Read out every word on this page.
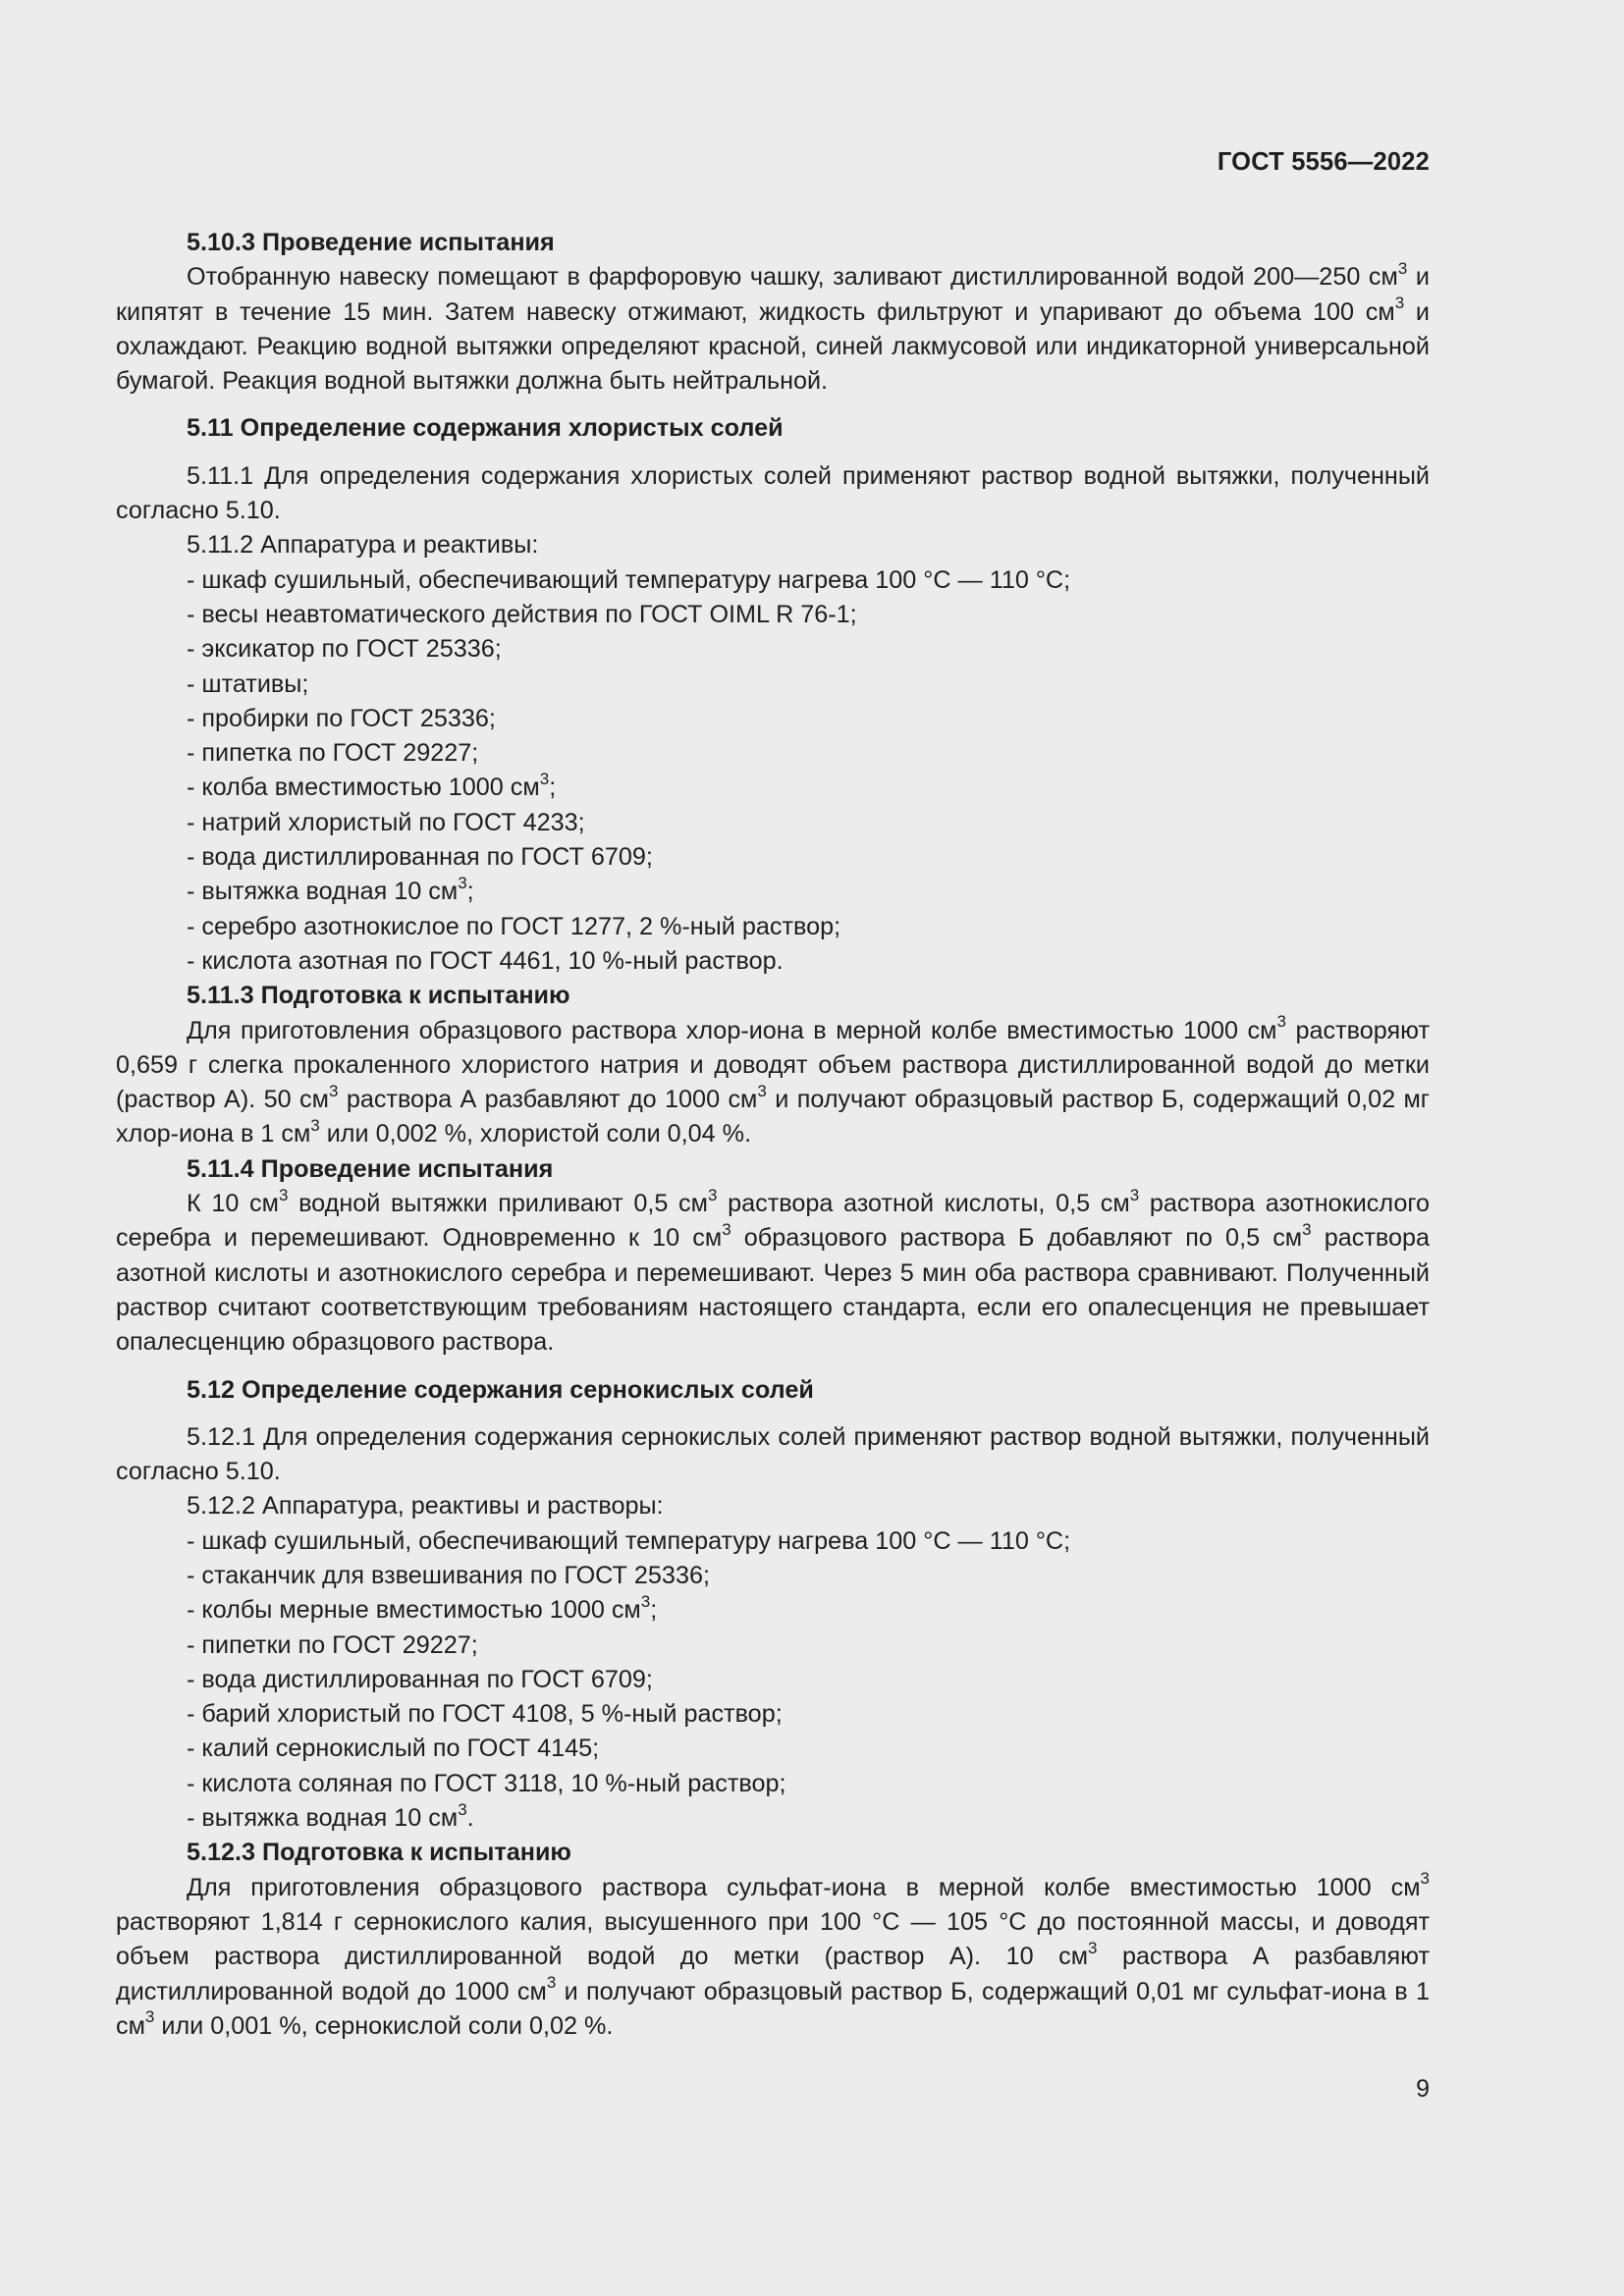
ГОСТ 5556—2022

5.10.3 Проведение испытания

Отобранную навеску помещают в фарфоровую чашку, заливают дистиллированной водой 200—250 $см^3$ и кипятят в течение 15 мин. Затем навеску отжимают, жидкость фильтруют и упаривают до объема 100 $см^3$ и охлаждают. Реакцию водной вытяжки определяют красной, синей лакмусовой или индикаторной универсальной бумагой. Реакция водной вытяжки должна быть нейтральной.

5.11 Определение содержания хлористых солей

5.11.1 Для определения содержания хлористых солей применяют раствор водной вытяжки, полученный согласно 5.10.

5.11.2 Аппаратура и реактивы:

- шкаф сушильный, обеспечивающий температуру нагрева 100 °C — 110 °C;

- весы неавтоматического действия по ГОСТ OIML R 76-1;

- эксикатор по ГОСТ 25336;

- штативы;

- пробирки по ГОСТ 25336;

- пипетка по ГОСТ 29227;

- колба вместимостью 1000 $см^3$;

- натрий хлористый по ГОСТ 4233;

- вода дистиллированная по ГОСТ 6709;

- вытяжка водная 10 $см^3$;

- серебро азотнокислое по ГОСТ 1277, 2 %-ный раствор;

- кислота азотная по ГОСТ 4461, 10 %-ный раствор.

5.11.3 Подготовка к испытанию

Для приготовления образцового раствора хлор-иона в мерной колбе вместимостью 1000 $см^3$ растворяют 0,659 г слегка прокаленного хлористого натрия и доводят объем раствора дистиллированной водой до метки (раствор А). 50 $см^3$ раствора А разбавляют до 1000 $см^3$ и получают образцовый раствор Б, содержащий 0,02 мг хлор-иона в 1 $см^3$ или 0,002 %, хлористой соли 0,04 %.

5.11.4 Проведение испытания

К 10 $см^3$ водной вытяжки приливают 0,5 $см^3$ раствора азотной кислоты, 0,5 $см^3$ раствора азотнокислого серебра и перемешивают. Одновременно к 10 $см^3$ образцового раствора Б добавляют по 0,5 $см^3$ раствора азотной кислоты и азотнокислого серебра и перемешивают. Через 5 мин оба раствора сравнивают. Полученный раствор считают соответствующим требованиям настоящего стандарта, если его опалесценция не превышает опалесценцию образцового раствора.

5.12 Определение содержания сернокислых солей

5.12.1 Для определения содержания сернокислых солей применяют раствор водной вытяжки, полученный согласно 5.10.

5.12.2 Аппаратура, реактивы и растворы:

- шкаф сушильный, обеспечивающий температуру нагрева 100 °C — 110 °C;

- стаканчик для взвешивания по ГОСТ 25336;

- колбы мерные вместимостью 1000 $см^3$;

- пипетки по ГОСТ 29227;

- вода дистиллированная по ГОСТ 6709;

- барий хлористый по ГОСТ 4108, 5 %-ный раствор;

- калий сернокислый по ГОСТ 4145;

- кислота соляная по ГОСТ 3118, 10 %-ный раствор;

- вытяжка водная 10 $см^3$.

5.12.3 Подготовка к испытанию

Для приготовления образцового раствора сульфат-иона в мерной колбе вместимостью 1000 $см^3$ растворяют 1,814 г сернокислого калия, высушенного при 100 °C — 105 °C до постоянной массы, и доводят объем раствора дистиллированной водой до метки (раствор А). 10 $см^3$ раствора А разбавляют дистиллированной водой до 1000 $см^3$ и получают образцовый раствор Б, содержащий 0,01 мг сульфат-иона в 1 $см^3$ или 0,001 %, сернокислой соли 0,02 %.

9
